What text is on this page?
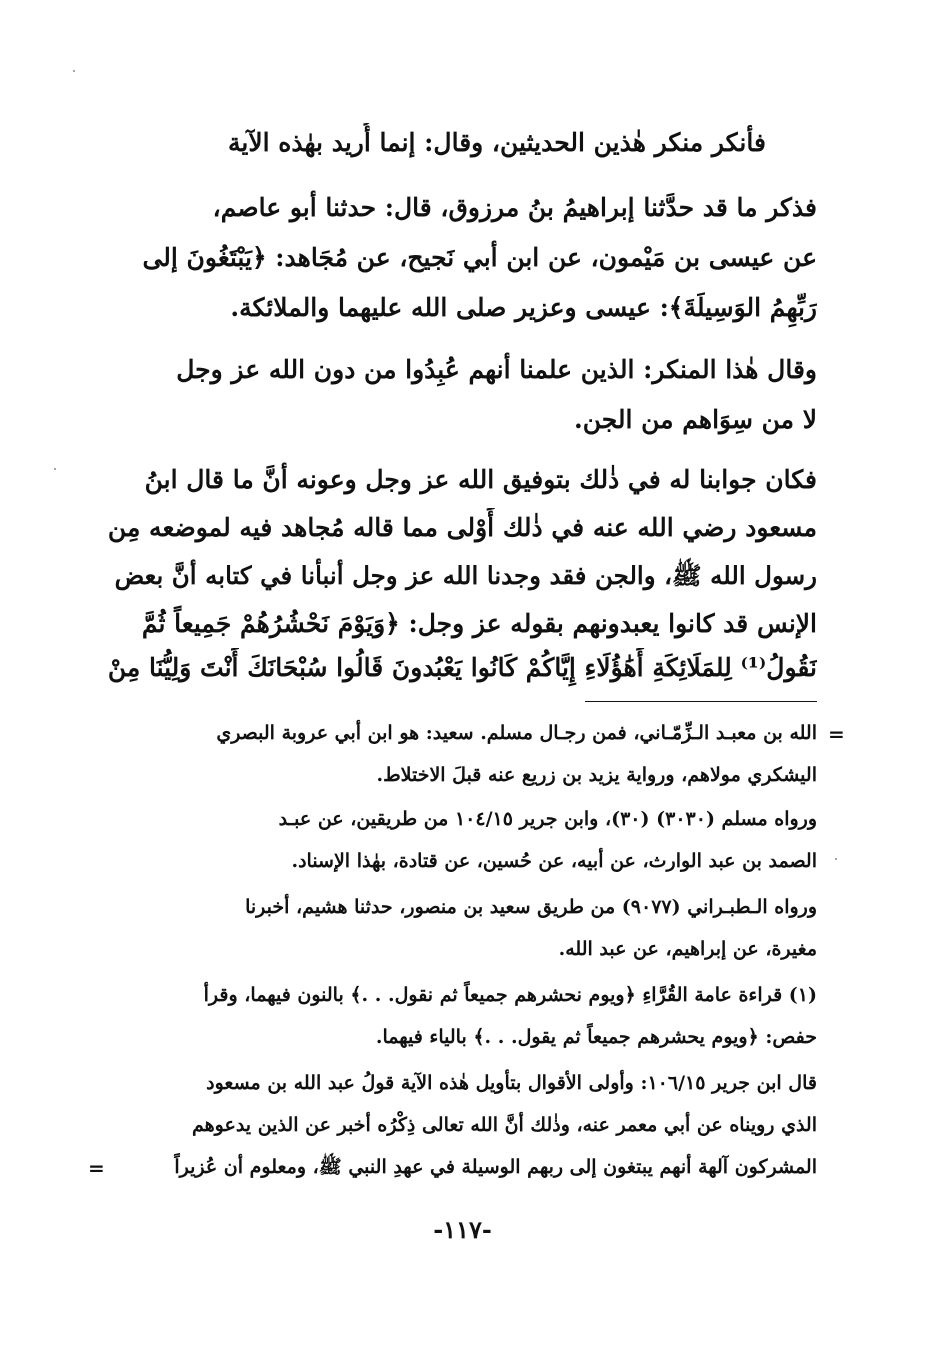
فأنكر منكر هٰذين الحديثين، وقال: إنما أُريد بهٰذه الآية
فذكر ما قد حدَّثنا إبراهيمُ بنُ مرزوق، قال: حدثنا أبو عاصم،
عن عيسى بن مَيْمون، عن ابن أبي نَجيح، عن مُجَاهد: ﴿يَبْتَغُونَ إلى
رَبِّهِمُ الوَسِيلَةَ﴾: عيسى وعزير صلى الله عليهما والملائكة.
وقال هٰذا المنكر: الذين علمنا أنهم عُبِدُوا من دون الله عز وجل
لا من سِوَاهم من الجن.
فكان جوابنا له في ذٰلك بتوفيق الله عز وجل وعونه أنَّ ما قال ابنُ
مسعود رضي الله عنه في ذٰلك أَوْلى مما قاله مُجاهد فيه لموضعه مِن
رسول الله ﷺ، والجن فقد وجدنا الله عز وجل أنبأنا في كتابه أنَّ بعض
الإنس قد كانوا يعبدونهم بقوله عز وجل: ﴿وَيَوْمَ نَحْشُرُهُمْ جَمِيعاً ثُمَّ
نَقُولُ⁽¹⁾ لِلمَلَائِكَةِ أَهَٰؤُلَاءِ إِيَّاكُمْ كَانُوا يَعْبُدونَ قَالُوا سُبْحَانَكَ أَنْتَ وَلِيُّنَا مِنْ
=
الله بن معبـد الـزِّمّـاني، فمن رجـال مسلم. سعيد: هو ابن أبي عروبة البصري
اليشكري مولاهم، ورواية يزيد بن زريع عنه قبلَ الاختلاط.
ورواه مسلم (٣٠٣٠) (٣٠)، وابن جرير ١٠٤/١٥ من طريقين، عن عبـد
الصمد بن عبد الوارث، عن أبيه، عن حُسين، عن قتادة، بهٰذا الإسناد.
ورواه الـطبـراني (٩٠٧٧) من طريق سعيد بن منصور، حدثنا هشيم، أخبرنا
مغيرة، عن إبراهيم، عن عبد الله.
(١) قراءة عامة القُرَّاءِ ﴿ويوم نحشرهم جميعاً ثم نقول. . .﴾ بالنون فيهما، وقرأ
حفص: ﴿ويوم يحشرهم جميعاً ثم يقول. . .﴾ بالياء فيهما.
قال ابن جرير ١٠٦/١٥: وأولى الأقوال بتأويل هٰذه الآية قولُ عبد الله بن مسعود
الذي رويناه عن أبي معمر عنه، وذٰلك أنَّ الله تعالى ذِكْرُه أخبر عن الذين يدعوهم
المشركون آلهة أنهم يبتغون إلى ربهم الوسيلة في عهدِ النبي ﷺ، ومعلوم أن عُزيراً
=
-١١٧-
